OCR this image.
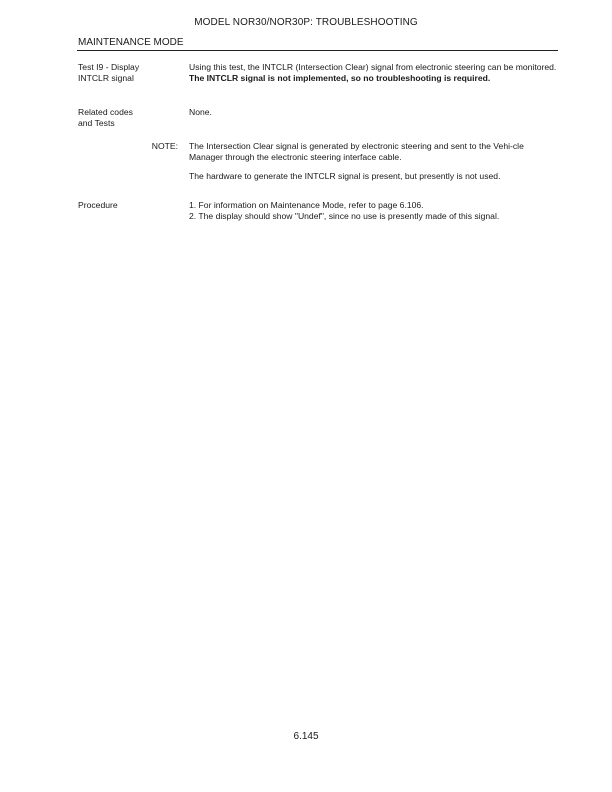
MODEL NOR30/NOR30P: TROUBLESHOOTING
MAINTENANCE MODE
Test I9 - Display
INTCLR signal

Using this test, the INTCLR (Intersection Clear) signal from electronic steering can be monitored. The INTCLR signal is not implemented, so no troubleshooting is required.

Related codes
and Tests
None.
NOTE: The Intersection Clear signal is generated by electronic steering and sent to the Vehi-cle Manager through the electronic steering interface cable.

The hardware to generate the INTCLR signal is present, but presently is not used.

Procedure	1. For information on Maintenance Mode, refer to page 6.106.

2. The display should show "Undef", since no use is presently made of this signal.

6.145
